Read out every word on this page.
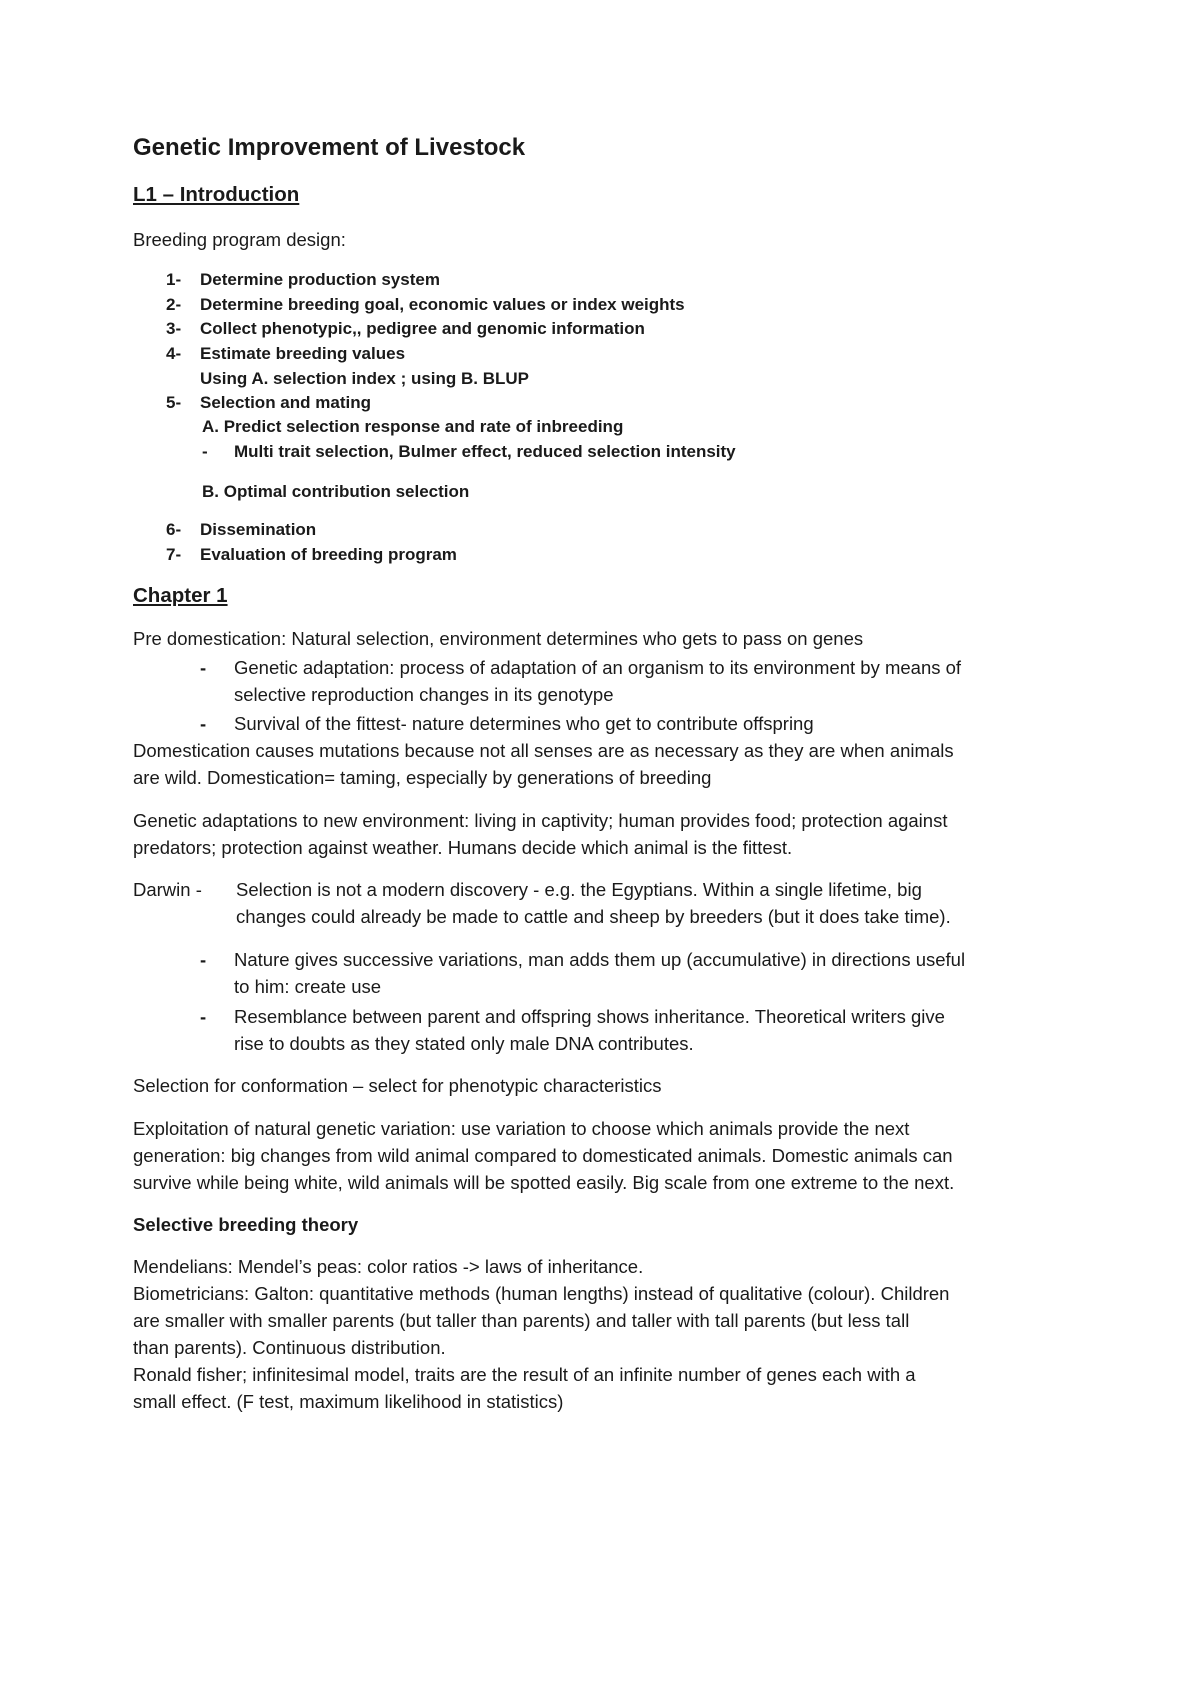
Genetic Improvement of Livestock
L1 – Introduction
Breeding program design:
1- Determine production system
2- Determine breeding goal, economic values or index weights
3- Collect phenotypic,, pedigree and genomic information
4- Estimate breeding values
Using A. selection index ; using B. BLUP
5- Selection and mating
A. Predict selection response and rate of inbreeding
- Multi trait selection, Bulmer effect, reduced selection intensity
B. Optimal contribution selection
6- Dissemination
7- Evaluation of breeding program
Chapter 1
Pre domestication: Natural selection, environment determines who gets to pass on genes
- Genetic adaptation: process of adaptation of an organism to its environment by means of
selective reproduction changes in its genotype
- Survival of the fittest- nature determines who get to contribute offspring
Domestication causes mutations because not all senses are as necessary as they are when animals
are wild. Domestication= taming, especially by generations of breeding
Genetic adaptations to new environment: living in captivity; human provides food; protection against
predators; protection against weather. Humans decide which animal is the fittest.
Darwin - Selection is not a modern discovery - e.g. the Egyptians. Within a single lifetime, big
changes could already be made to cattle and sheep by breeders (but it does take time).
- Nature gives successive variations, man adds them up (accumulative) in directions useful
to him: create use
- Resemblance between parent and offspring shows inheritance. Theoretical writers give
rise to doubts as they stated only male DNA contributes.
Selection for conformation – select for phenotypic characteristics
Exploitation of natural genetic variation: use variation to choose which animals provide the next
generation: big changes from wild animal compared to domesticated animals. Domestic animals can
survive while being white, wild animals will be spotted easily. Big scale from one extreme to the next.
Selective breeding theory
Mendelians: Mendel’s peas: color ratios -> laws of inheritance.
Biometricians: Galton: quantitative methods (human lengths) instead of qualitative (colour). Children
are smaller with smaller parents (but taller than parents) and taller with tall parents (but less tall
than parents). Continuous distribution.
Ronald fisher; infinitesimal model, traits are the result of an infinite number of genes each with a
small effect. (F test, maximum likelihood in statistics)
